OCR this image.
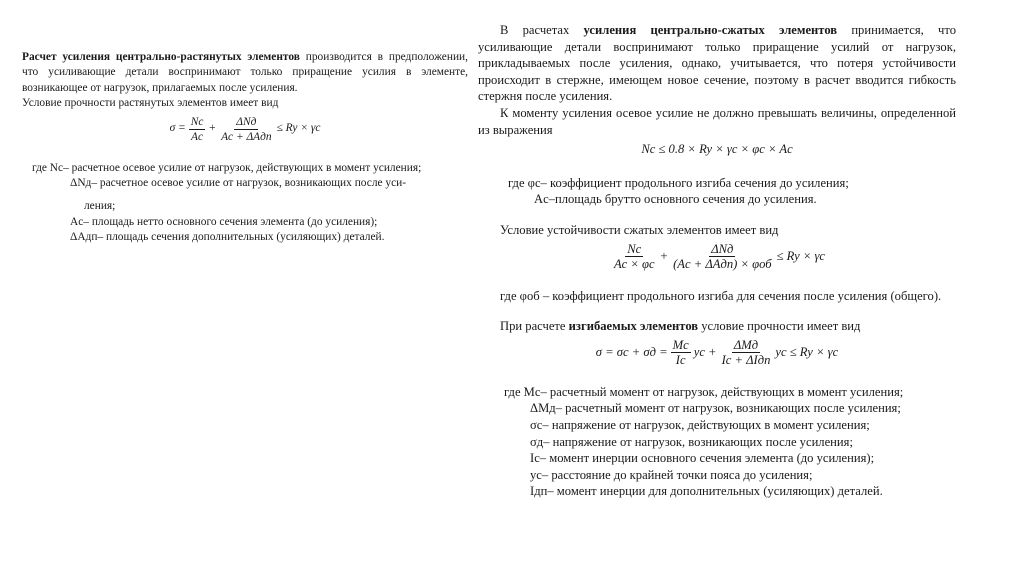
Расчет усиления центрально-растянутых элементов производится в предположении, что усиливающие детали воспринимают только приращение усилия в элементе, возникающее от нагрузок, прилагаемых после усиления.

Условие прочности растянутых элементов имеет вид

$\sigma = \frac{Nc}{Ac} + \frac{\text{ΔNд}}{\text{Ac + ΔAдп}} \le Ry \times \gamma c$
где Nc – расчетное осевое усилие от нагрузок, действующих в момент усиления;
ΔNд – расчетное осевое усилие от нагрузок, возникающих после уси-
ления;
Ac – площадь нетто основного сечения элемента (до усиления);
ΔAдп – площадь сечения дополнительных (усиляющих) деталей.

В расчетах усиления центрально-сжатых элементов принимается, что усиливающие детали воспринимают только приращение усилий от нагрузок, прикладываемых после усиления, однако, учитывается, что потеря устойчивости происходит в стержне, имеющем новое сечение, поэтому в расчет вводится гибкость стержня после усиления.

К моменту усиления осевое усилие не должно превышать величины, определенной из выражения

Nc ≤ 0.8 × Ry × γc × φc × Ac
где φc – коэффициент продольного изгиба сечения до усиления;
Ac –площадь брутто основного сечения до усиления.

Условие устойчивости сжатых элементов имеет вид

$\frac{Nc}{Ac \times \varphi c} + \frac{\text{ΔNд}}{\text{(Ac + ΔAдп) × φоб}} \le Ry \times \gamma c$

где φоб – коэффициент продольного изгиба для сечения после усиления (общего).

При расчете изгибаемых элементов условие прочности имеет вид

$\sigma = \sigma c + \sigma д = \frac{Mc}{Ic}$ yc + $\frac{\text{ΔMд}}{\text{Ic + ΔIдп}}$ yc ≤ Ry × γc
где Mc – расчетный момент от нагрузок, действующих в момент усиления;
ΔMд – расчетный момент от нагрузок, возникающих после усиления;
σc – напряжение от нагрузок, действующих в момент усиления;
σд – напряжение от нагрузок, возникающих после усиления;
Ic – момент инерции основного сечения элемента (до усиления);
yc – расстояние до крайней точки пояса до усиления;
Iдп – момент инерции для дополнительных (усиляющих) деталей.
